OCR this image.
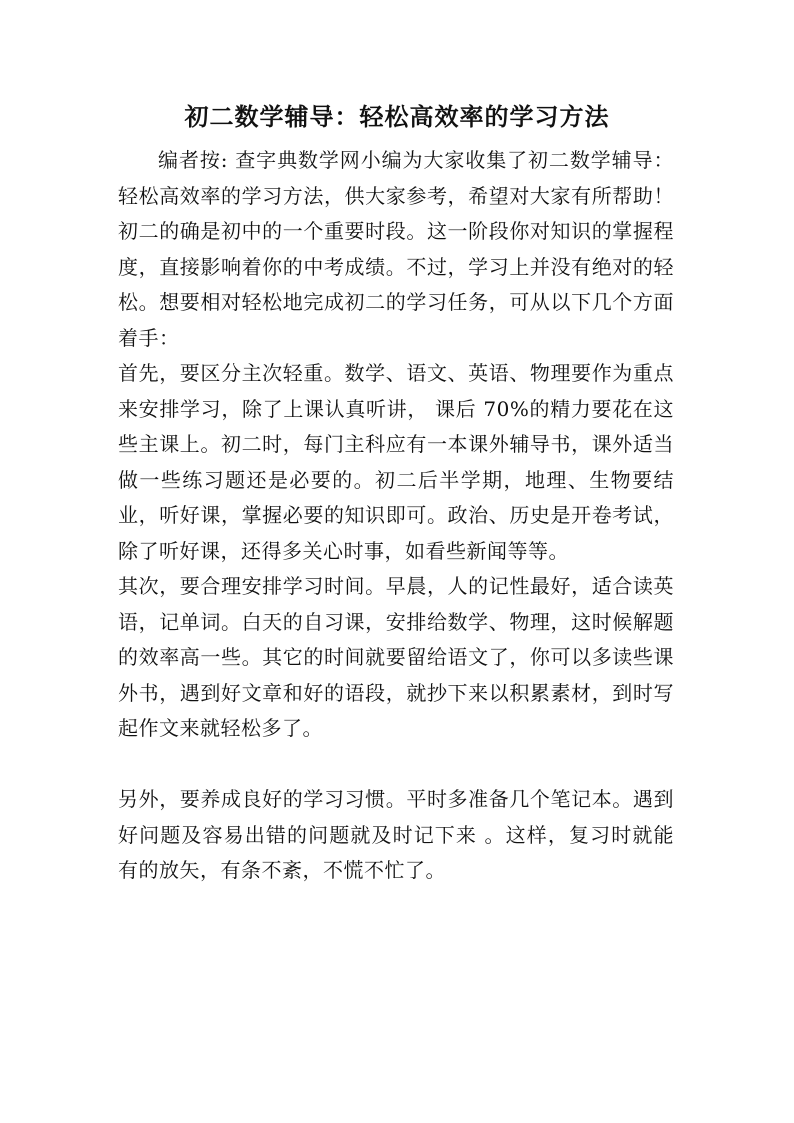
初二数学辅导：轻松高效率的学习方法

编者按: 查字典数学网小编为大家收集了初二数学辅导：轻松高效率的学习方法，供大家参考，希望对大家有所帮助！初二的确是初中的一个重要时段。这一阶段你对知识的掌握程度，直接影响着你的中考成绩。不过，学习上并没有绝对的轻松。想要相对轻松地完成初二的学习任务，可从以下几个方面着手：

首先，要区分主次轻重。数学、语文、英语、物理要作为重点来安排学习，除了上课认真听讲， 课后 70%的精力要花在这些主课上。初二时，每门主科应有一本课外辅导书，课外适当做一些练习题还是必要的。初二后半学期，地理、生物要结业，听好课，掌握必要的知识即可。政治、历史是开卷考试，除了听好课，还得多关心时事，如看些新闻等等。

其次，要合理安排学习时间。早晨，人的记性最好，适合读英语，记单词。白天的自习课，安排给数学、物理，这时候解题的效率高一些。其它的时间就要留给语文了，你可以多读些课外书，遇到好文章和好的语段，就抄下来以积累素材，到时写起作文来就轻松多了。

另外，要养成良好的学习习惯。平时多准备几个笔记本。遇到好问题及容易出错的问题就及时记下来 。这样，复习时就能有的放矢，有条不紊，不慌不忙了。
